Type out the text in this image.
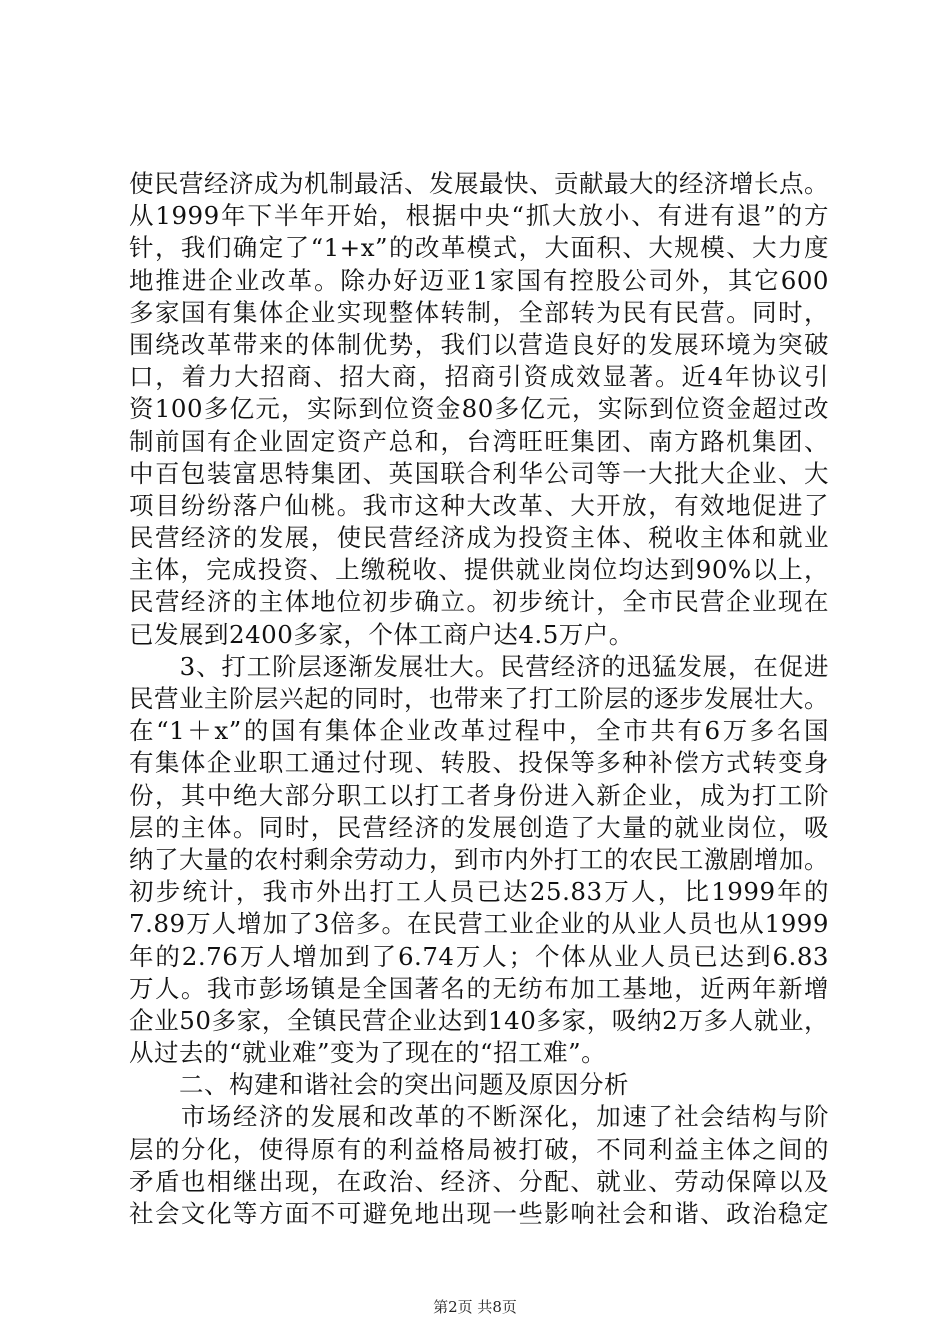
使民营经济成为机制最活、发展最快、贡献最大的经济增长点。
从1999年下半年开始，根据中央“抓大放小、有进有退”的方
针，我们确定了“1+x”的改革模式，大面积、大规模、大力度
地推进企业改革。除办好迈亚1家国有控股公司外，其它600
多家国有集体企业实现整体转制，全部转为民有民营。同时，
围绕改革带来的体制优势，我们以营造良好的发展环境为突破
口，着力大招商、招大商，招商引资成效显著。近4年协议引
资100多亿元，实际到位资金80多亿元，实际到位资金超过改
制前国有企业固定资产总和，台湾旺旺集团、南方路机集团、
中百包装富思特集团、英国联合利华公司等一大批大企业、大
项目纷纷落户仙桃。我市这种大改革、大开放，有效地促进了
民营经济的发展，使民营经济成为投资主体、税收主体和就业
主体，完成投资、上缴税收、提供就业岗位均达到90%以上，
民营经济的主体地位初步确立。初步统计，全市民营企业现在
已发展到2400多家，个体工商户达4.5万户。
　　3、打工阶层逐渐发展壮大。民营经济的迅猛发展，在促进
民营业主阶层兴起的同时，也带来了打工阶层的逐步发展壮大。
在“1＋x”的国有集体企业改革过程中，全市共有6万多名国
有集体企业职工通过付现、转股、投保等多种补偿方式转变身
份，其中绝大部分职工以打工者身份进入新企业，成为打工阶
层的主体。同时，民营经济的发展创造了大量的就业岗位，吸
纳了大量的农村剩余劳动力，到市内外打工的农民工激剧增加。
初步统计，我市外出打工人员已达25.83万人，比1999年的
7.89万人增加了3倍多。在民营工业企业的从业人员也从1999
年的2.76万人增加到了6.74万人；个体从业人员已达到6.83
万人。我市彭场镇是全国著名的无纺布加工基地，近两年新增
企业50多家，全镇民营企业达到140多家，吸纳2万多人就业，
从过去的“就业难”变为了现在的“招工难”。
　　二、构建和谐社会的突出问题及原因分析
　　市场经济的发展和改革的不断深化，加速了社会结构与阶
层的分化，使得原有的利益格局被打破，不同利益主体之间的
矛盾也相继出现，在政治、经济、分配、就业、劳动保障以及
社会文化等方面不可避免地出现一些影响社会和谐、政治稳定
第2页 共8页
